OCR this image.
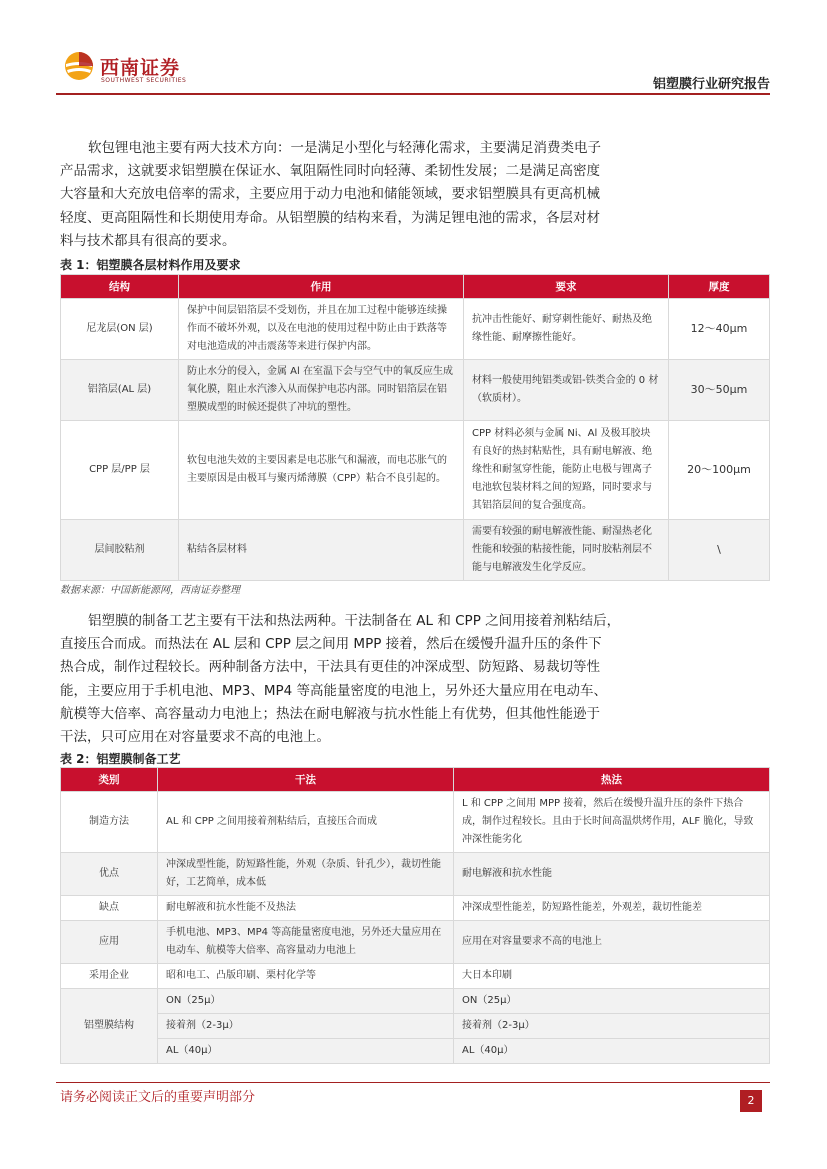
西南证券
SOUTHWEST SECURITIES	铝塑膜行业研究报告
软包锂电池主要有两大技术方向：一是满足小型化与轻薄化需求，主要满足消费类电子
产品需求，这就要求铝塑膜在保证水、氧阻隔性同时向轻薄、柔韧性发展；二是满足高密度
大容量和大充放电倍率的需求，主要应用于动力电池和储能领域，要求铝塑膜具有更高机械
轻度、更高阻隔性和长期使用寿命。从铝塑膜的结构来看，为满足锂电池的需求，各层对材
料与技术都具有很高的要求。
表 1：铝塑膜各层材料作用及要求
结构	作用	要求	厚度
尼龙层(ON 层)	保护中间层铝箔层不受划伤，并且在加工过程中能够连续操作而不破坏外观，以及在电池的使用过程中防止由于跌落等对电池造成的冲击震荡等来进行保护内部。	抗冲击性能好、耐穿刺性能好、耐热及绝缘性能、耐摩擦性能好。	12～40μm
铝箔层(AL 层)	防止水分的侵入，金属 Al 在室温下会与空气中的氧反应生成氧化膜，阻止水汽渗入从而保护电芯内部。同时铝箔层在铝塑膜成型的时候还提供了冲坑的塑性。	材料一般使用纯铝类或铝-铁类合金的 0 材（软质材）。	30～50μm
CPP 层/PP 层	软包电池失效的主要因素是电芯胀气和漏液，而电芯胀气的主要原因是由极耳与聚丙烯薄膜（CPP）粘合不良引起的。	CPP 材料必须与金属 Ni、Al 及极耳胶块有良好的热封粘贴性，具有耐电解液、绝缘性和耐氢穿性能，能防止电极与锂离子电池软包装材料之间的短路，同时要求与其铝箔层间的复合强度高。	20～100μm
层间胶粘剂	粘结各层材料	需要有较强的耐电解液性能、耐湿热老化性能和较强的粘接性能，同时胶粘剂层不能与电解液发生化学反应。	\
数据来源：中国新能源网，西南证券整理
铝塑膜的制备工艺主要有干法和热法两种。干法制备在 AL 和 CPP 之间用接着剂粘结后，
直接压合而成。而热法在 AL 层和 CPP 层之间用 MPP 接着，然后在缓慢升温升压的条件下
热合成，制作过程较长。两种制备方法中，干法具有更佳的冲深成型、防短路、易裁切等性
能，主要应用于手机电池、MP3、MP4 等高能量密度的电池上，另外还大量应用在电动车、
航模等大倍率、高容量动力电池上；热法在耐电解液与抗水性能上有优势，但其他性能逊于
干法，只可应用在对容量要求不高的电池上。
表 2：铝塑膜制备工艺
类别	干法	热法
制造方法	AL 和 CPP 之间用接着剂粘结后，直接压合而成	L 和 CPP 之间用 MPP 接着，然后在缓慢升温升压的条件下热合成，制作过程较长。且由于长时间高温烘烤作用，ALF 脆化，导致冲深性能劣化
优点	冲深成型性能，防短路性能，外观（杂质、针孔少），裁切性能好，工艺简单，成本低	耐电解液和抗水性能
缺点	耐电解液和抗水性能不及热法	冲深成型性能差，防短路性能差，外观差，裁切性能差
应用	手机电池、MP3、MP4 等高能量密度电池，另外还大量应用在电动车、航模等大倍率、高容量动力电池上	应用在对容量要求不高的电池上
采用企业	昭和电工、凸版印刷、栗村化学等	大日本印刷
铝塑膜结构	ON（25μ）	ON（25μ）
	接着剂（2-3μ）	接着剂（2-3μ）
	AL（40μ）	AL（40μ）
请务必阅读正文后的重要声明部分	2
